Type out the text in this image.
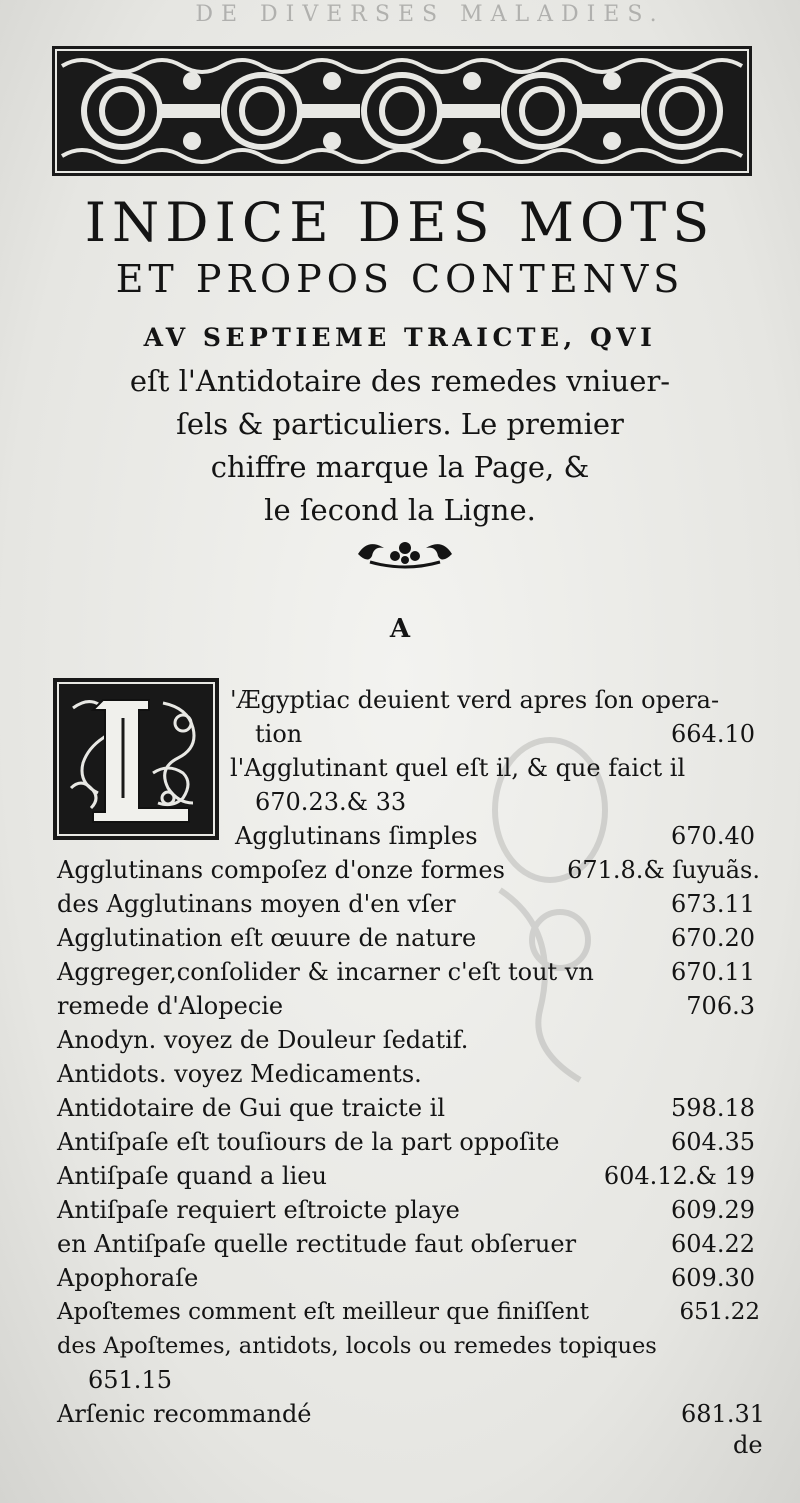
DE DIVERSES MALADIES.
INDICE DES MOTS
ET PROPOS CONTENVS
AV SEPTIEME TRAICTE, QVI
eſt l'Antidotaire des remedes vniuer-
ſels & particuliers. Le premier
chiffre marque la Page, &
le ſecond la Ligne.
A
'Ægyptiac deuient verd apres ſon opera-
tion	664.10
l'Agglutinant quel eſt il, & que faict il
670.23.& 33
Agglutinans ſimples	670.40
Agglutinans compoſez d'onze formes	671.8.& ſuyuãs.
des Agglutinans moyen d'en vſer	673.11
Agglutination eſt œuure de nature	670.20
Aggreger,conſolider & incarner c'eſt tout vn	670.11
remede d'Alopecie	706.3
Anodyn. voyez de Douleur ſedatif.
Antidots. voyez Medicaments.
Antidotaire de Gui que traicte il	598.18
Antiſpaſe eſt touſiours de la part oppoſite	604.35
Antiſpaſe quand a lieu	604.12.& 19
Antiſpaſe requiert eſtroicte playe	609.29
en Antiſpaſe quelle rectitude faut obſeruer	604.22
Apophoraſe	609.30
Apoſtemes comment eſt meilleur que finiſſent	651.22
des Apoſtemes, antidots, locols ou remedes topiques
651.15
Arſenic recommandé	681.31
de
